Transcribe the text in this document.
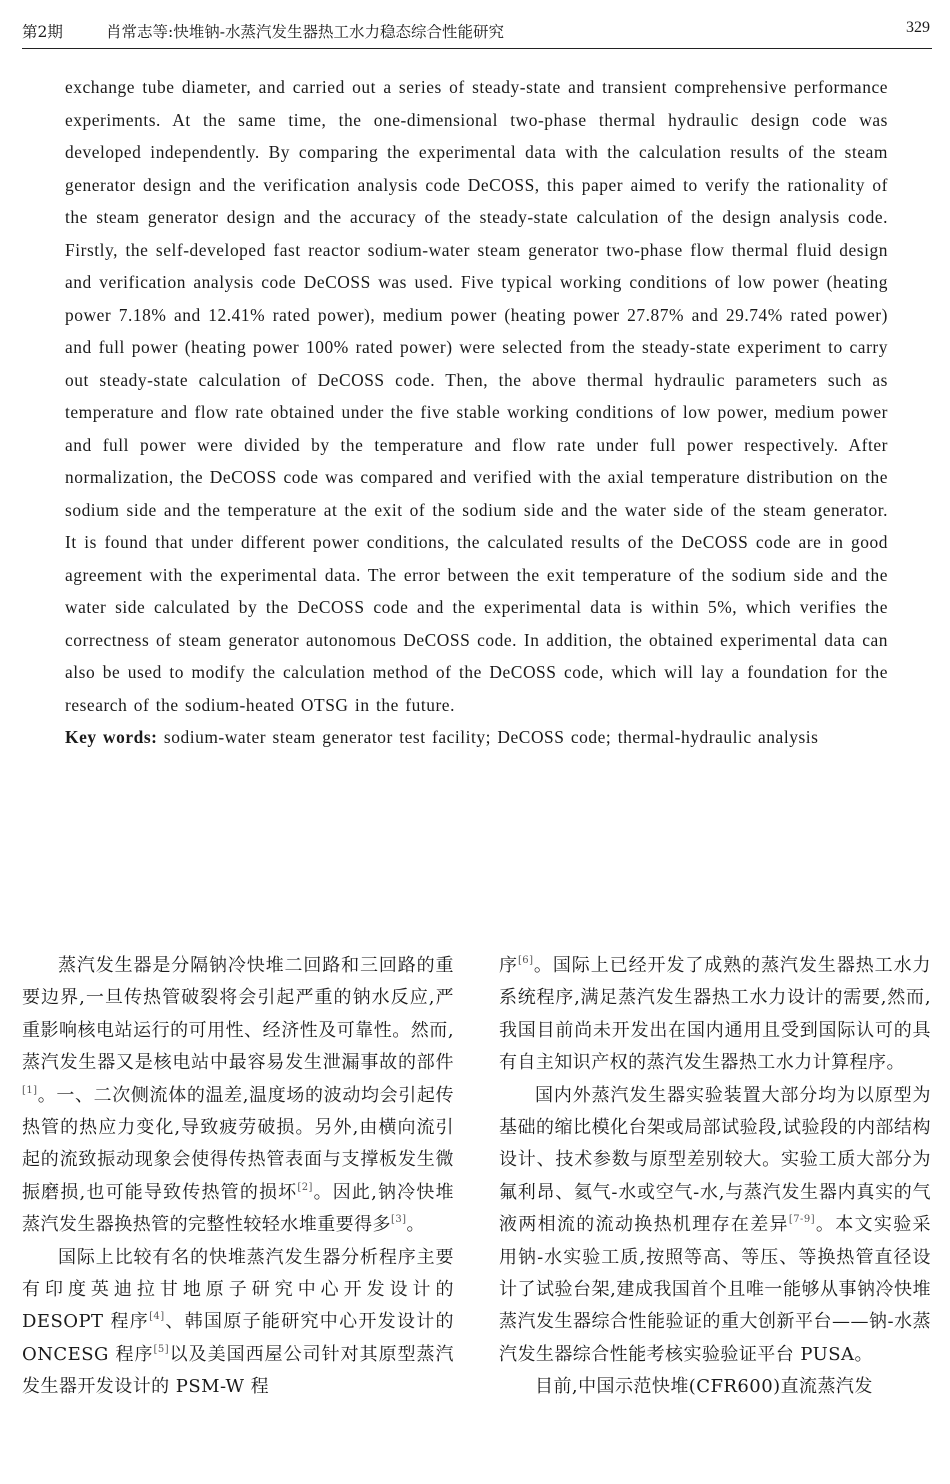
第2期	肖常志等:快堆钠-水蒸汽发生器热工水力稳态综合性能研究	329

exchange tube diameter, and carried out a series of steady-state and transient comprehensive performance experiments. At the same time, the one-dimensional two-phase thermal hydraulic design code was developed independently. By comparing the experimental data with the calculation results of the steam generator design and the verification analysis code DeCOSS, this paper aimed to verify the rationality of the steam generator design and the accuracy of the steady-state calculation of the design analysis code. Firstly, the self-developed fast reactor sodium-water steam generator two-phase flow thermal fluid design and verification analysis code DeCOSS was used. Five typical working conditions of low power (heating power 7.18% and 12.41% rated power), medium power (heating power 27.87% and 29.74% rated power) and full power (heating power 100% rated power) were selected from the steady-state experiment to carry out steady-state calculation of DeCOSS code. Then, the above thermal hydraulic parameters such as temperature and flow rate obtained under the five stable working conditions of low power, medium power and full power were divided by the temperature and flow rate under full power respectively. After normalization, the DeCOSS code was compared and verified with the axial temperature distribution on the sodium side and the temperature at the exit of the sodium side and the water side of the steam generator. It is found that under different power conditions, the calculated results of the DeCOSS code are in good agreement with the experimental data. The error between the exit temperature of the sodium side and the water side calculated by the DeCOSS code and the experimental data is within 5%, which verifies the correctness of steam generator autonomous DeCOSS code. In addition, the obtained experimental data can also be used to modify the calculation method of the DeCOSS code, which will lay a foundation for the research of the sodium-heated OTSG in the future.

Key words: sodium-water steam generator test facility; DeCOSS code; thermal-hydraulic analysis

蒸汽发生器是分隔钠冷快堆二回路和三回路的重要边界,一旦传热管破裂将会引起严重的钠水反应,严重影响核电站运行的可用性、经济性及可靠性。然而,蒸汽发生器又是核电站中最容易发生泄漏事故的部件[1]。一、二次侧流体的温差,温度场的波动均会引起传热管的热应力变化,导致疲劳破损。另外,由横向流引起的流致振动现象会使得传热管表面与支撑板发生微振磨损,也可能导致传热管的损坏[2]。因此,钠冷快堆蒸汽发生器换热管的完整性较轻水堆重要得多[3]。

国际上比较有名的快堆蒸汽发生器分析程序主要有印度英迪拉甘地原子研究中心开发设计的 DESOPT 程序[4]、韩国原子能研究中心开发设计的 ONCESG 程序[5]以及美国西屋公司针对其原型蒸汽发生器开发设计的 PSM-W 程

序[6]。国际上已经开发了成熟的蒸汽发生器热工水力系统程序,满足蒸汽发生器热工水力设计的需要,然而,我国目前尚未开发出在国内通用且受到国际认可的具有自主知识产权的蒸汽发生器热工水力计算程序。

国内外蒸汽发生器实验装置大部分均为以原型为基础的缩比模化台架或局部试验段,试验段的内部结构设计、技术参数与原型差别较大。实验工质大部分为氟利昂、氦气-水或空气-水,与蒸汽发生器内真实的气液两相流的流动换热机理存在差异[7-9]。本文实验采用钠-水实验工质,按照等高、等压、等换热管直径设计了试验台架,建成我国首个且唯一能够从事钠冷快堆蒸汽发生器综合性能验证的重大创新平台——钠-水蒸汽发生器综合性能考核实验验证平台 PUSA。

目前,中国示范快堆(CFR600)直流蒸汽发
